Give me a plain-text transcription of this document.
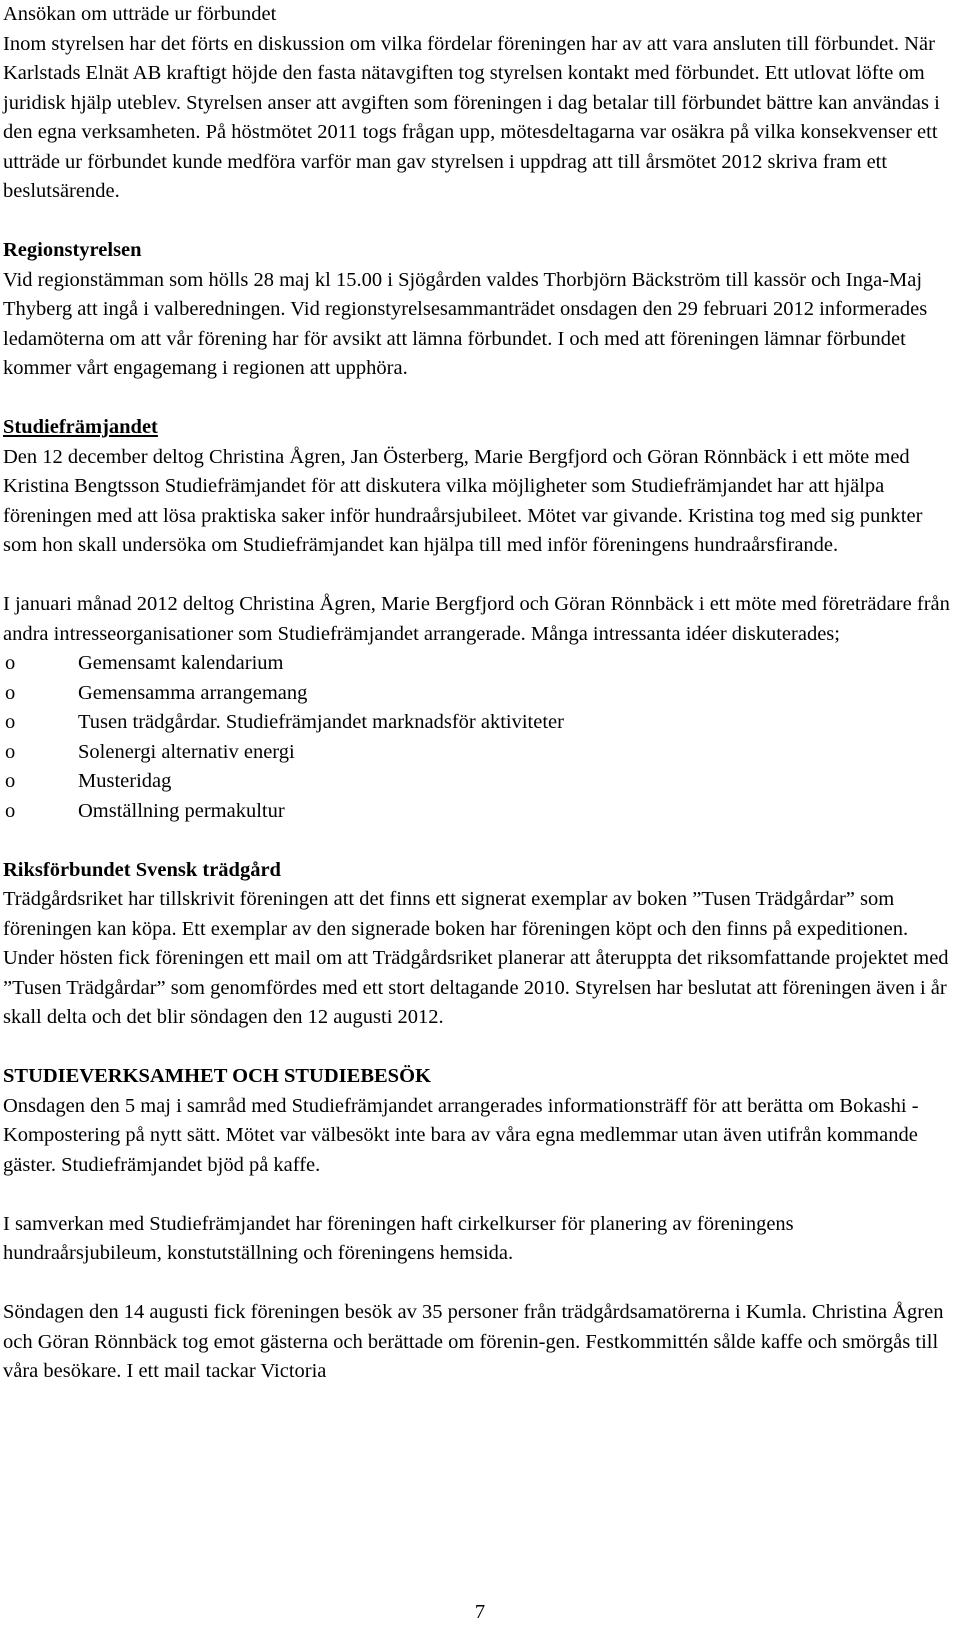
Ansökan om utträde ur förbundet

Inom styrelsen har det förts en diskussion om vilka fördelar föreningen har av att vara ansluten till förbundet. När Karlstads Elnät AB kraftigt höjde den fasta nätavgiften tog styrelsen kontakt med förbundet. Ett utlovat löfte om juridisk hjälp uteblev. Styrelsen anser att avgiften som föreningen i dag betalar till förbundet bättre kan användas i den egna verksamheten. På höstmötet 2011 togs frågan upp, mötesdeltagarna var osäkra på vilka konsekvenser ett utträde ur förbundet kunde medföra varför man gav styrelsen i uppdrag att till årsmötet 2012 skriva fram ett beslutsärende.

Regionstyrelsen

Vid regionstämman som hölls 28 maj kl 15.00 i Sjögården valdes Thorbjörn Bäckström till kassör och Inga-Maj Thyberg att ingå i valberedningen. Vid regionstyrelsesammanträdet onsdagen den 29 februari 2012 informerades ledamöterna om att vår förening har för avsikt att lämna förbundet. I och med att föreningen lämnar förbundet kommer vårt engagemang i regionen att upphöra.

Studiefrämjandet

Den 12 december deltog Christina Ågren, Jan Österberg, Marie Bergfjord och Göran Rönnbäck i ett möte med Kristina Bengtsson Studiefrämjandet för att diskutera vilka möjligheter som Studiefrämjandet har att hjälpa föreningen med att lösa praktiska saker inför hundraårsjubileet. Mötet var givande. Kristina tog med sig punkter som hon skall undersöka om Studiefrämjandet kan hjälpa till med inför föreningens hundraårsfirande.

I januari månad 2012 deltog Christina Ågren, Marie Bergfjord och Göran Rönnbäck i ett möte med företrädare från andra intresseorganisationer som Studiefrämjandet arrangerade. Många intressanta idéer diskuterades;

o	Gemensamt kalendarium
o	Gemensamma arrangemang
o	Tusen trädgårdar. Studiefrämjandet marknadsför aktiviteter
o	Solenergi alternativ energi
o	Musteridag
o	Omställning permakultur

Riksförbundet Svensk trädgård

Trädgårdsriket har tillskrivit föreningen att det finns ett signerat exemplar av boken ”Tusen Trädgårdar” som föreningen kan köpa. Ett exemplar av den signerade boken har föreningen köpt och den finns på expeditionen. Under hösten fick föreningen ett mail om att Trädgårdsriket planerar att återuppta det riksomfattande projektet med ”Tusen Trädgårdar” som genomfördes med ett stort deltagande 2010. Styrelsen har beslutat att föreningen även i år skall delta och det blir söndagen den 12 augusti 2012.

STUDIEVERKSAMHET OCH STUDIEBESÖK

Onsdagen den 5 maj i samråd med Studiefrämjandet arrangerades informationsträff för att berätta om Bokashi - Kompostering på nytt sätt. Mötet var välbesökt inte bara av våra egna medlemmar utan även utifrån kommande gäster. Studiefrämjandet bjöd på kaffe.

I samverkan med Studiefrämjandet har föreningen haft cirkelkurser för planering av föreningens hundraårsjubileum, konstutställning och föreningens hemsida.

Söndagen den 14 augusti fick föreningen besök av 35 personer från trädgårdsamatörerna i Kumla. Christina Ågren och Göran Rönnbäck tog emot gästerna och berättade om förenin-gen. Festkommittén sålde kaffe och smörgås till våra besökare. I ett mail tackar Victoria

7
